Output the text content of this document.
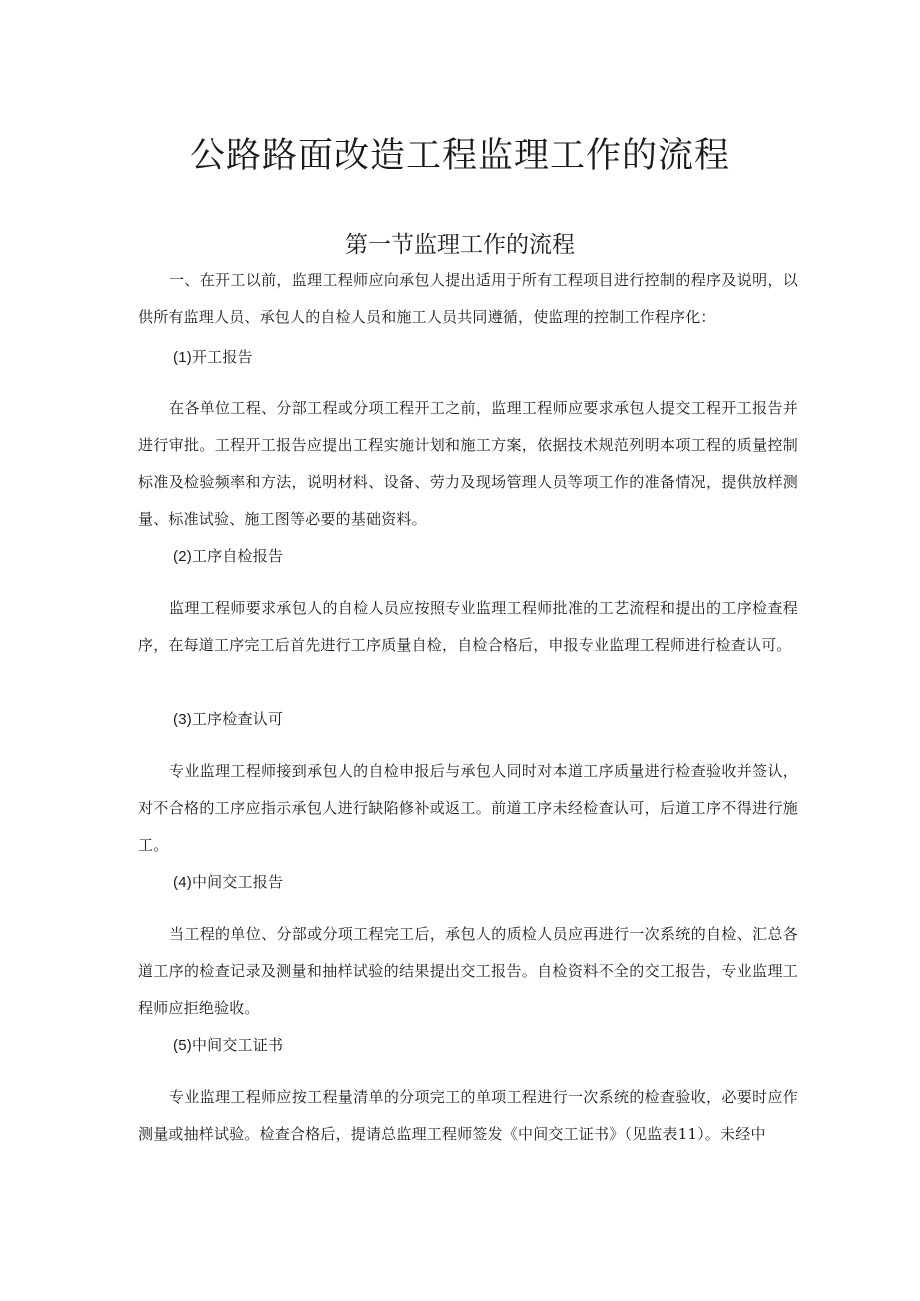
公路路面改造工程监理工作的流程
第一节监理工作的流程

一、在开工以前，监理工程师应向承包人提出适用于所有工程项目进行控制的程序及说明，以供所有监理人员、承包人的自检人员和施工人员共同遵循，使监理的控制工作程序化：

(1)开工报告

在各单位工程、分部工程或分项工程开工之前，监理工程师应要求承包人提交工程开工报告并进行审批。工程开工报告应提出工程实施计划和施工方案，依据技术规范列明本项工程的质量控制标准及检验频率和方法，说明材料、设备、劳力及现场管理人员等项工作的准备情况，提供放样测量、标准试验、施工图等必要的基础资料。

(2)工序自检报告

监理工程师要求承包人的自检人员应按照专业监理工程师批准的工艺流程和提出的工序检查程序，在每道工序完工后首先进行工序质量自检，自检合格后，申报专业监理工程师进行检查认可。

(3)工序检查认可

专业监理工程师接到承包人的自检申报后与承包人同时对本道工序质量进行检查验收并签认，对不合格的工序应指示承包人进行缺陷修补或返工。前道工序未经检查认可，后道工序不得进行施工。

(4)中间交工报告

当工程的单位、分部或分项工程完工后，承包人的质检人员应再进行一次系统的自检、汇总各道工序的检查记录及测量和抽样试验的结果提出交工报告。自检资料不全的交工报告，专业监理工程师应拒绝验收。

(5)中间交工证书

专业监理工程师应按工程量清单的分项完工的单项工程进行一次系统的检查验收，必要时应作测量或抽样试验。检查合格后，提请总监理工程师签发《中间交工证书》（见监表11）。未经中
